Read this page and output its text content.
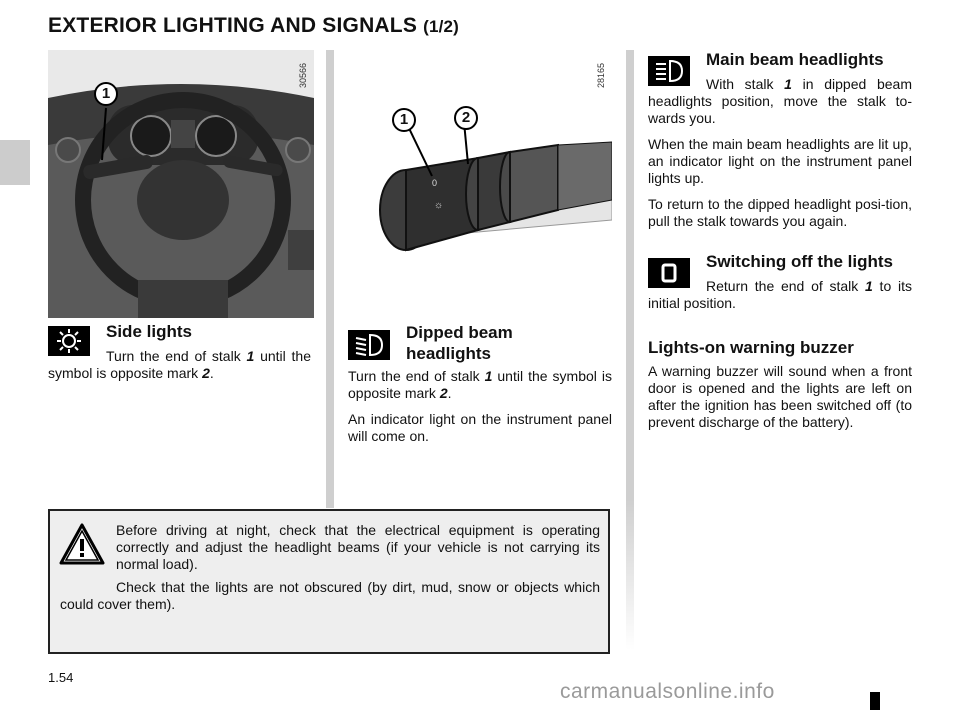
EXTERIOR LIGHTING AND SIGNALS (1/2)
1
30566
☼
0
1	2
28165
Side lights

Turn the end of stalk 1 until the symbol is opposite mark 2.

Dipped beam
headlights

Turn the end of stalk 1 until the symbol is opposite mark 2.

An indicator light on the instrument panel will come on.

Main beam headlights

With stalk 1 in dipped beam headlights position, move the stalk to-wards you.

When the main beam headlights are lit up, an indicator light on the instrument panel lights up.

To return to the dipped headlight posi-tion, pull the stalk towards you again.

Switching off the lights

Return the end of stalk 1 to its initial position.

Lights-on warning buzzer
A warning buzzer will sound when a front door is opened and the lights are left on after the ignition has been switched off (to prevent discharge of the battery).

Before driving at night, check that the electrical equipment is operating correctly and adjust the headlight beams (if your vehicle is not carrying its normal load).

Check that the lights are not obscured (by dirt, mud, snow or objects which could cover them).

1.54
carmanualsonline.info
